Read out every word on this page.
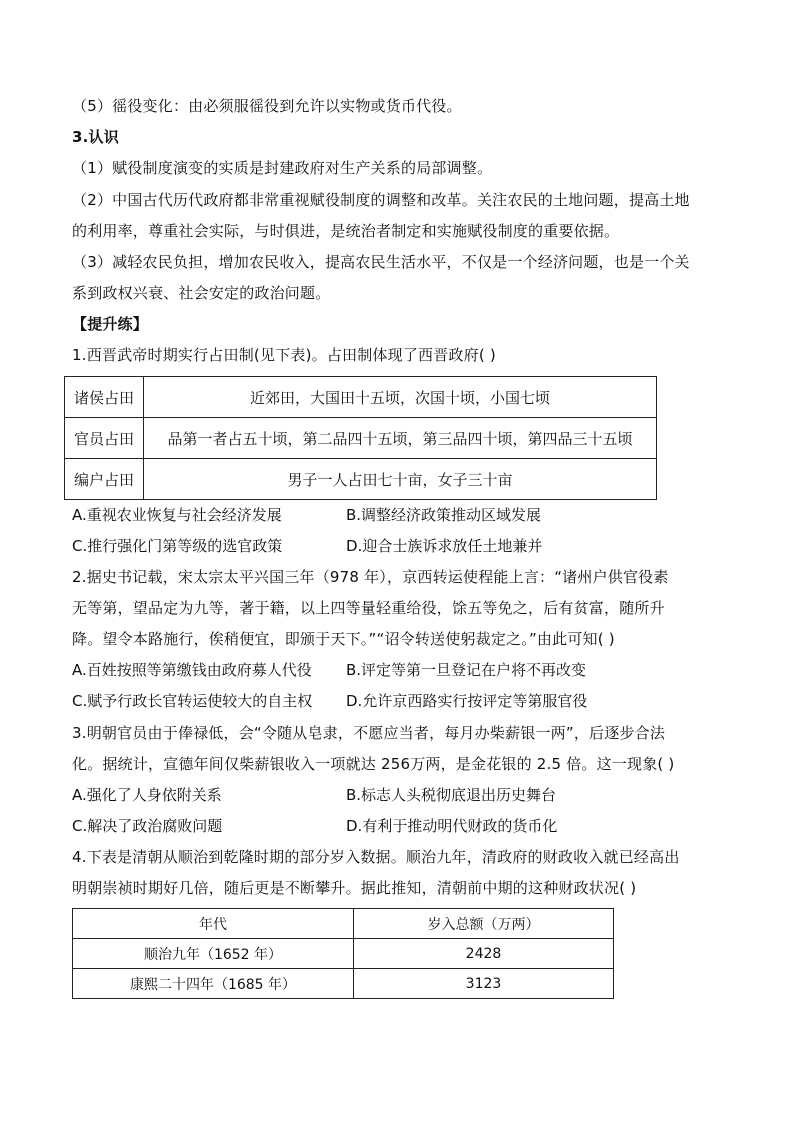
（5）徭役变化：由必须服徭役到允许以实物或货币代役。
3.认识
（1）赋役制度演变的实质是封建政府对生产关系的局部调整。
（2）中国古代历代政府都非常重视赋役制度的调整和改革。关注农民的土地问题，提高土地
的利用率，尊重社会实际，与时俱进，是统治者制定和实施赋役制度的重要依据。
（3）减轻农民负担，增加农民收入，提高农民生活水平，不仅是一个经济问题，也是一个关
系到政权兴衰、社会安定的政治问题。
【提升练】
1.西晋武帝时期实行占田制(见下表)。占田制体现了西晋政府( )
诸侯占田	近郊田，大国田十五顷，次国十顷，小国七顷
官员占田	品第一者占五十顷，第二品四十五顷，第三品四十顷，第四品三十五顷
编户占田	男子一人占田七十亩，女子三十亩
A.重视农业恢复与社会经济发展	B.调整经济政策推动区域发展
C.推行强化门第等级的选官政策	D.迎合士族诉求放任土地兼并
2.据史书记载，宋太宗太平兴国三年（978 年），京西转运使程能上言：“诸州户供官役素
无等第，望品定为九等，著于籍，以上四等量轻重给役，馀五等免之，后有贫富，随所升
降。望令本路施行，俟稍便宜，即颁于天下。”“诏令转送使躬裁定之。”由此可知( )
A.百姓按照等第缴钱由政府募人代役 B.评定等第一旦登记在户将不再改变
C.赋予行政长官转运使较大的自主权 D.允许京西路实行按评定等第服官役
3.明朝官员由于俸禄低，会“令随从皂隶，不愿应当者，每月办柴薪银一两”，后逐步合法
化。据统计，宣德年间仅柴薪银收入一项就达 256万两，是金花银的 2.5 倍。这一现象( )
A.强化了人身依附关系	B.标志人头税彻底退出历史舞台
C.解决了政治腐败问题	D.有利于推动明代财政的货币化
4.下表是清朝从顺治到乾隆时期的部分岁入数据。顺治九年，清政府的财政收入就已经高出
明朝崇祯时期好几倍，随后更是不断攀升。据此推知，清朝前中期的这种财政状况( )
年代	岁入总额（万两）
顺治九年（1652 年）	2428
康熙二十四年（1685 年）	3123
